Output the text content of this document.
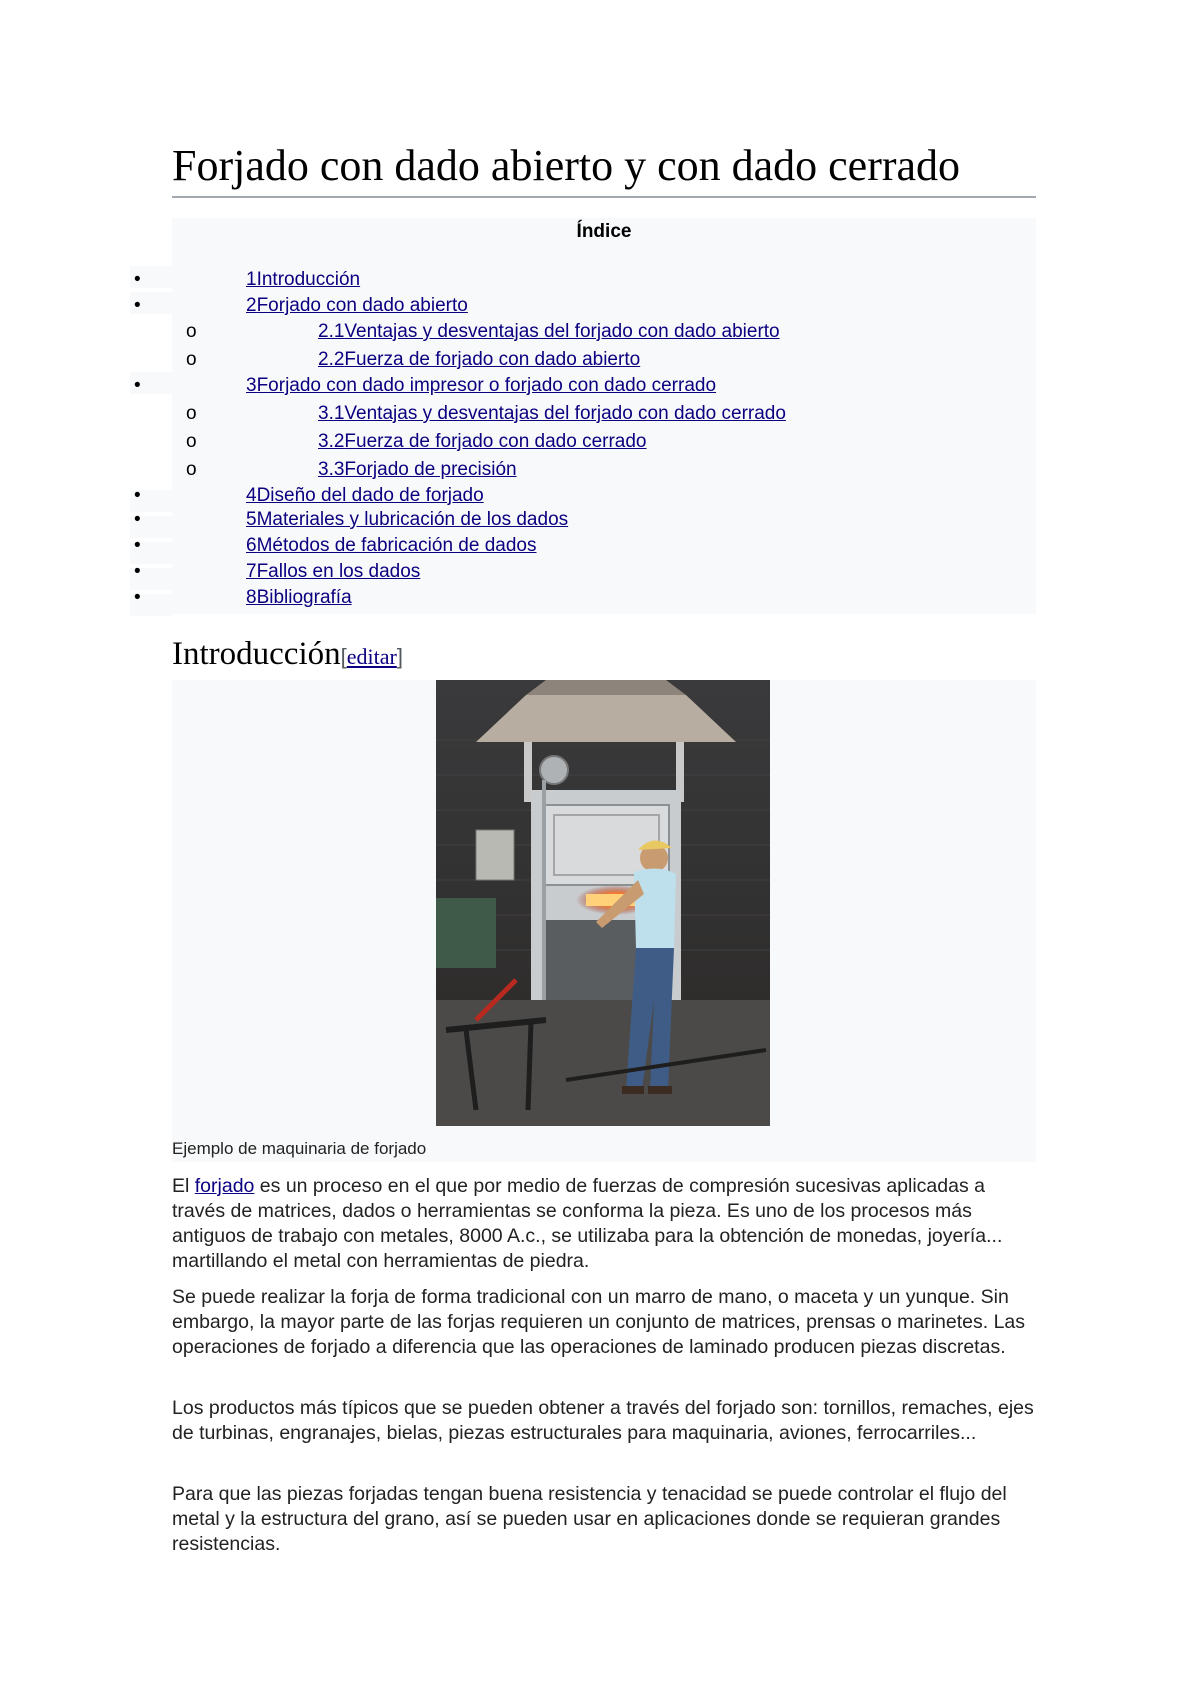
Forjado con dado abierto y con dado cerrado
Índice
•
•
o
o
•
o
o
o
•
•
•
•
•
1Introducción
2Forjado con dado abierto
2.1Ventajas y desventajas del forjado con dado abierto
2.2Fuerza de forjado con dado abierto
3Forjado con dado impresor o forjado con dado cerrado
3.1Ventajas y desventajas del forjado con dado cerrado
3.2Fuerza de forjado con dado cerrado
3.3Forjado de precisión
4Diseño del dado de forjado
5Materiales y lubricación de los dados
6Métodos de fabricación de dados
7Fallos en los dados
8Bibliografía
Introducción[editar]
Ejemplo de maquinaria de forjado

El forjado es un proceso en el que por medio de fuerzas de compresión sucesivas aplicadas a través de matrices, dados o herramientas se conforma la pieza. Es uno de los procesos más antiguos de trabajo con metales, 8000 A.c., se utilizaba para la obtención de monedas, joyería... martillando el metal con herramientas de piedra.

Se puede realizar la forja de forma tradicional con un marro de mano, o maceta y un yunque. Sin embargo, la mayor parte de las forjas requieren un conjunto de matrices, prensas o marinetes. Las operaciones de forjado a diferencia que las operaciones de laminado producen piezas discretas.

Los productos más típicos que se pueden obtener a través del forjado son: tornillos, remaches, ejes de turbinas, engranajes, bielas, piezas estructurales para maquinaria, aviones, ferrocarriles...

Para que las piezas forjadas tengan buena resistencia y tenacidad se puede controlar el flujo del metal y la estructura del grano, así se pueden usar en aplicaciones donde se requieran grandes resistencias.
